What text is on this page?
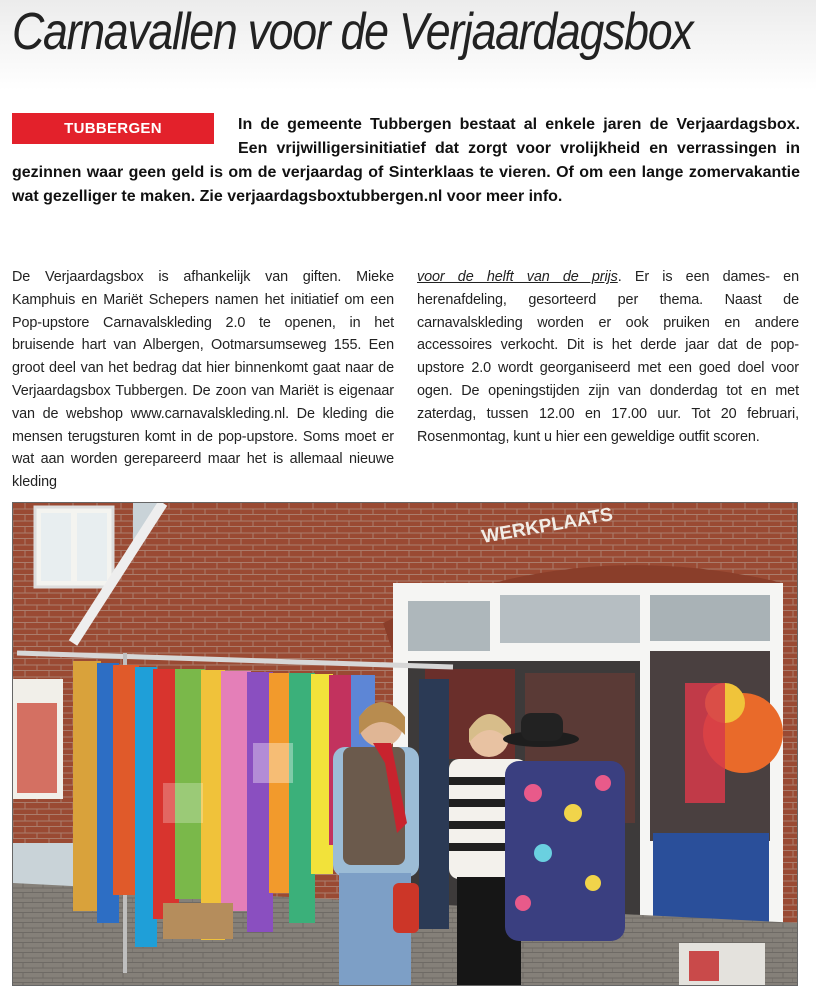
Carnavallen voor de Verjaardagsbox
TUBBERGEN	In de gemeente Tubbergen bestaat al enkele jaren de Verjaardagsbox. Een vrijwilligersinitiatief dat zorgt voor vrolijkheid en verrassingen in gezinnen waar geen geld is om de verjaardag of Sinterklaas te vieren. Of om een lange zomervakantie wat gezelliger te maken. Zie verjaardagsboxtubbergen.nl voor meer info.

De Verjaardagsbox is afhankelijk van giften. Mieke Kamphuis en Mariët Schepers namen het initiatief om een Pop-upstore Carnavalskleding 2.0 te openen, in het bruisende hart van Albergen, Ootmarsumseweg 155. Een groot deel van het bedrag dat hier binnenkomt gaat naar de Verjaardagsbox Tubbergen. De zoon van Mariët is eigenaar van de webshop www.carnavalskleding.nl. De kleding die mensen terugsturen komt in de pop-upstore. Soms moet er wat aan worden gerepareerd maar het is allemaal nieuwe kleding

voor de helft van de prijs. Er is een dames- en herenafdeling, gesorteerd per thema. Naast de carnavalskleding worden er ook pruiken en andere accessoires verkocht. Dit is het derde jaar dat de pop-upstore 2.0 wordt georganiseerd met een goed doel voor ogen. De openingstijden zijn van donderdag tot en met zaterdag, tussen 12.00 en 17.00 uur. Tot 20 februari, Rosenmontag, kunt u hier een geweldige outfit scoren.

WERKPLAATS
